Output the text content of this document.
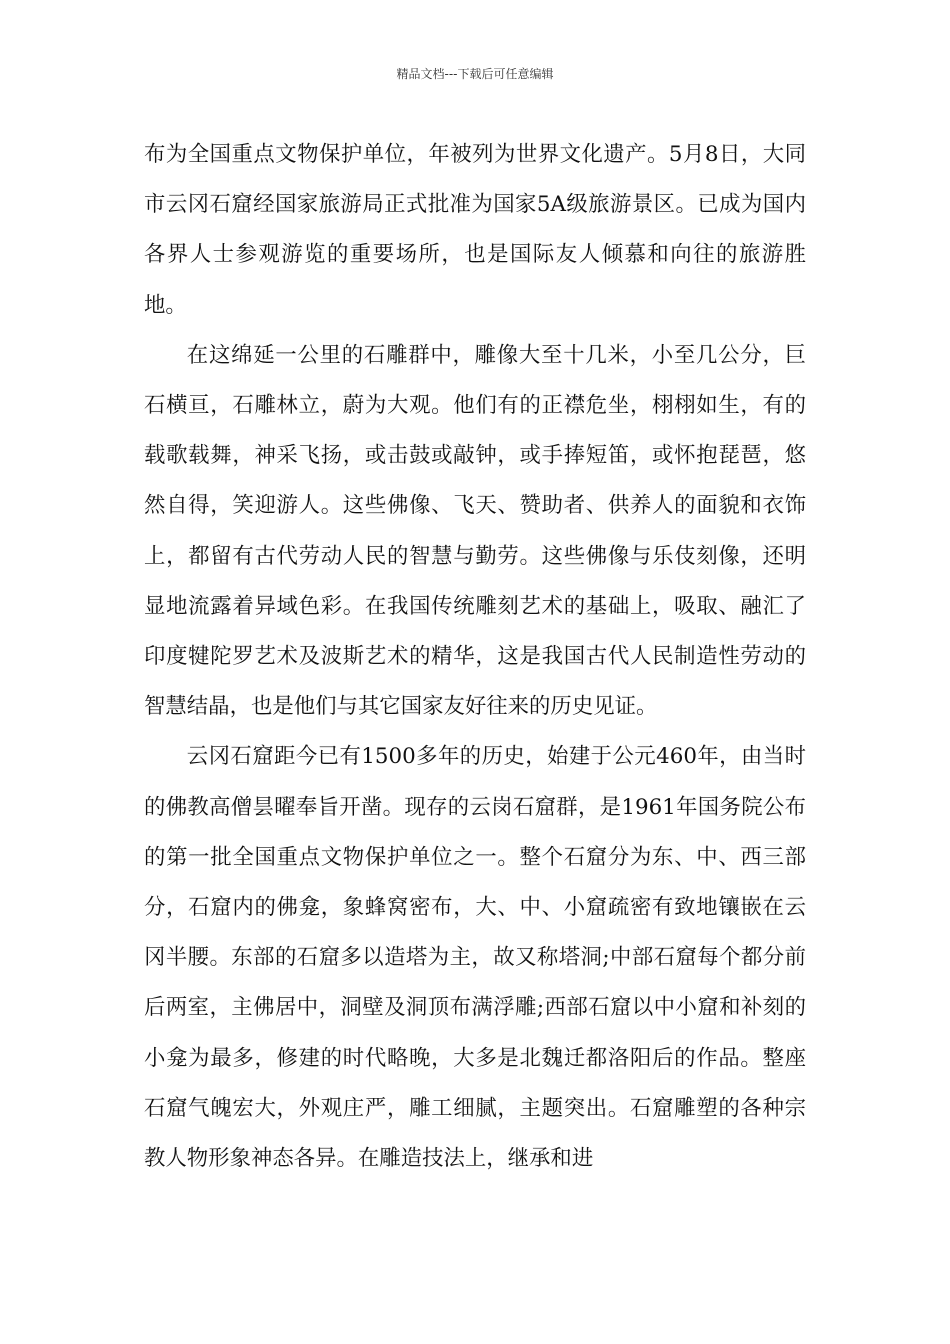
精品文档---下载后可任意编辑

布为全国重点文物保护单位，年被列为世界文化遗产。5月8日，大同市云冈石窟经国家旅游局正式批准为国家5A级旅游景区。已成为国内各界人士参观游览的重要场所，也是国际友人倾慕和向往的旅游胜地。

在这绵延一公里的石雕群中，雕像大至十几米，小至几公分，巨石横亘，石雕林立，蔚为大观。他们有的正襟危坐，栩栩如生，有的载歌载舞，神采飞扬，或击鼓或敲钟，或手捧短笛，或怀抱琵琶，悠然自得，笑迎游人。这些佛像、飞天、赞助者、供养人的面貌和衣饰上，都留有古代劳动人民的智慧与勤劳。这些佛像与乐伎刻像，还明显地流露着异域色彩。在我国传统雕刻艺术的基础上，吸取、融汇了印度犍陀罗艺术及波斯艺术的精华，这是我国古代人民制造性劳动的智慧结晶，也是他们与其它国家友好往来的历史见证。

云冈石窟距今已有1500多年的历史，始建于公元460年，由当时的佛教高僧昙曜奉旨开凿。现存的云岗石窟群，是1961年国务院公布的第一批全国重点文物保护单位之一。整个石窟分为东、中、西三部分，石窟内的佛龛，象蜂窝密布，大、中、小窟疏密有致地镶嵌在云冈半腰。东部的石窟多以造塔为主，故又称塔洞;中部石窟每个都分前后两室，主佛居中，洞壁及洞顶布满浮雕;西部石窟以中小窟和补刻的小龛为最多，修建的时代略晚，大多是北魏迁都洛阳后的作品。整座石窟气魄宏大，外观庄严，雕工细腻，主题突出。石窟雕塑的各种宗教人物形象神态各异。在雕造技法上，继承和进
